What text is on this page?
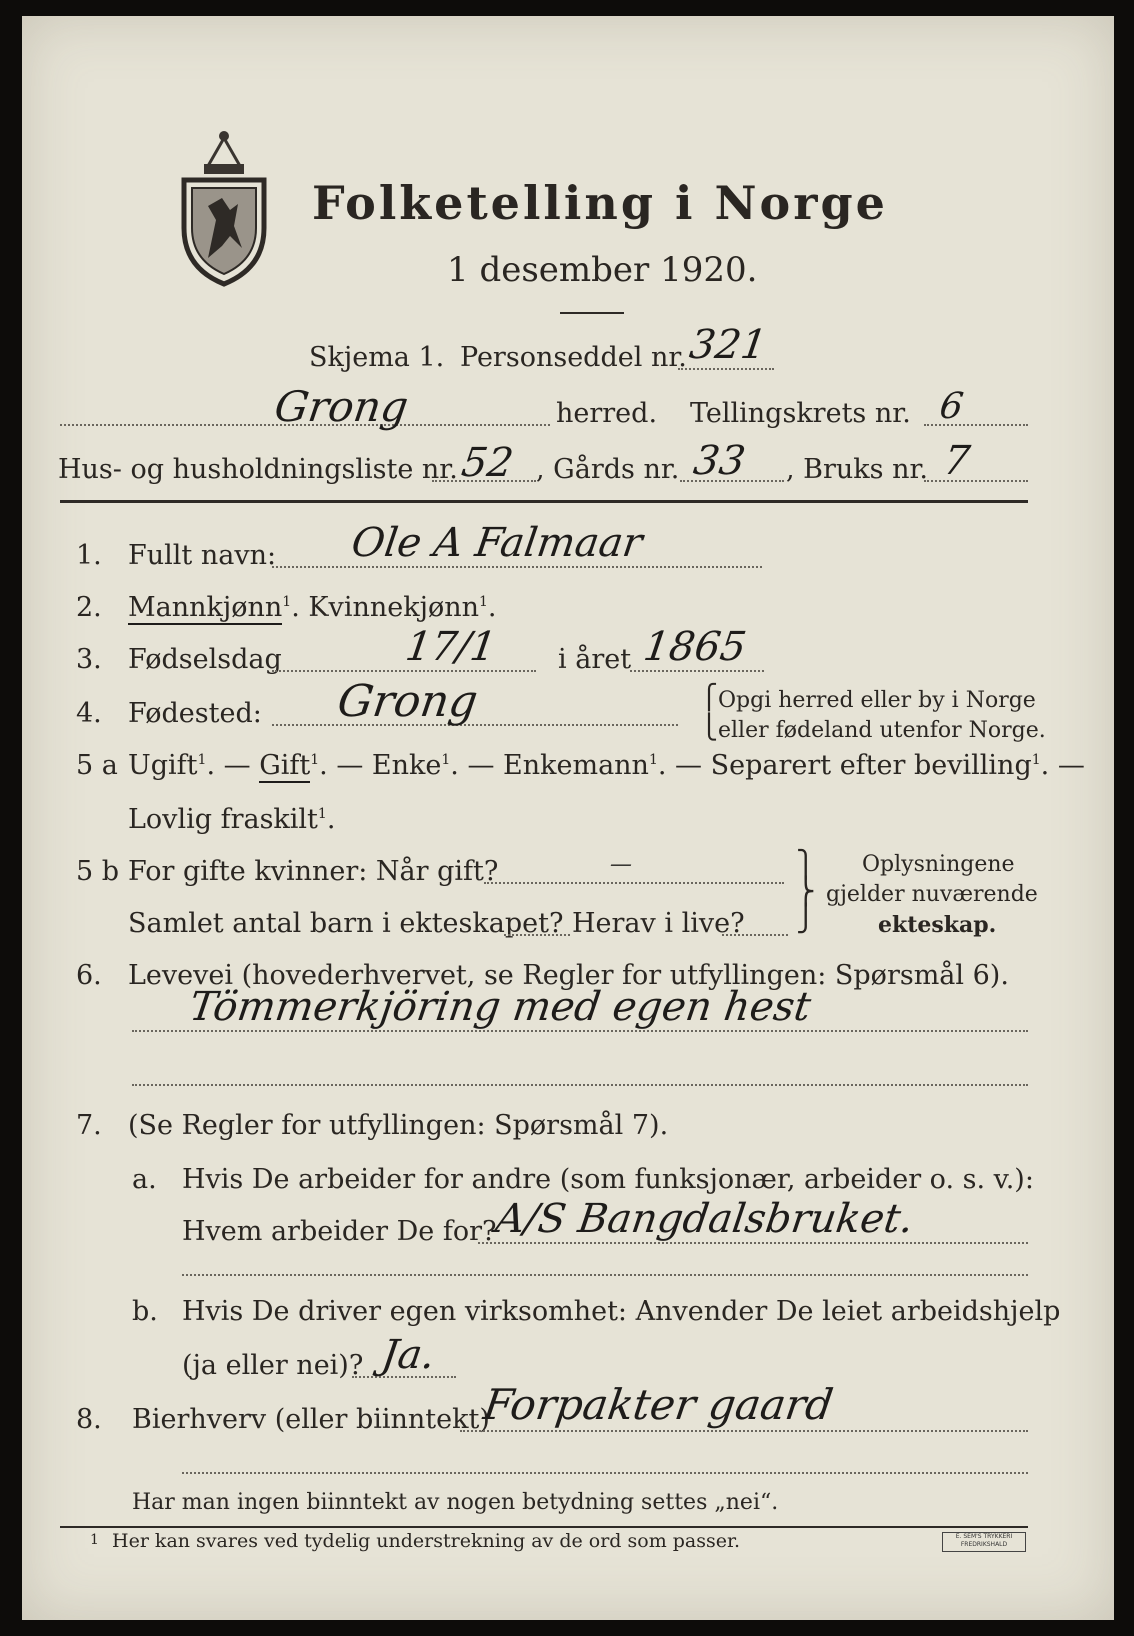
Folketelling i Norge
1 desember 1920.
Skjema 1. Personseddel nr. 321
Grong	herred. Tellingskrets nr. 6
Hus- og husholdningsliste nr. 52 , Gårds nr. 33 , Bruks nr. 7
1. Fullt navn: Ole A Falmaar
2. Mannkjønn$^1$. Kvinnekjønn$^1$.
3. Fødselsdag	17/1 i året 1865
4. Fødested: Grong	⎧
⎩
Opgi herred eller by i Norge
eller fødeland utenfor Norge.
5 a Ugift$^1$. — Gift$^1$. — Enke$^1$. — Enkemann$^1$. — Separert efter bevilling$^1$. —
Lovlig fraskilt$^1$.
5 b For gifte kvinner: Når gift?	—
Samlet antal barn i ekteskapet? Herav i live?
⎫
⎬
⎭
Oplysningene
gjelder nuværende
ekteskap.
6. Levevei (hovederhvervet, se Regler for utfyllingen: Spørsmål 6).
Tömmerkjöring med egen hest
7. (Se Regler for utfyllingen: Spørsmål 7).
a. Hvis De arbeider for andre (som funksjonær, arbeider o. s. v.):
Hvem arbeider De for?
A/S Bangdalsbruket.
b. Hvis De driver egen virksomhet: Anvender De leiet arbeidshjelp
(ja eller nei)? Ja.
8. Bierhverv (eller biinntekt)
Forpakter gaard
Har man ingen biinntekt av nogen betydning settes „nei“.
1 Her kan svares ved tydelig understrekning av de ord som passer.	E. SEM'S TRYKKERI FREDRIKSHALD
